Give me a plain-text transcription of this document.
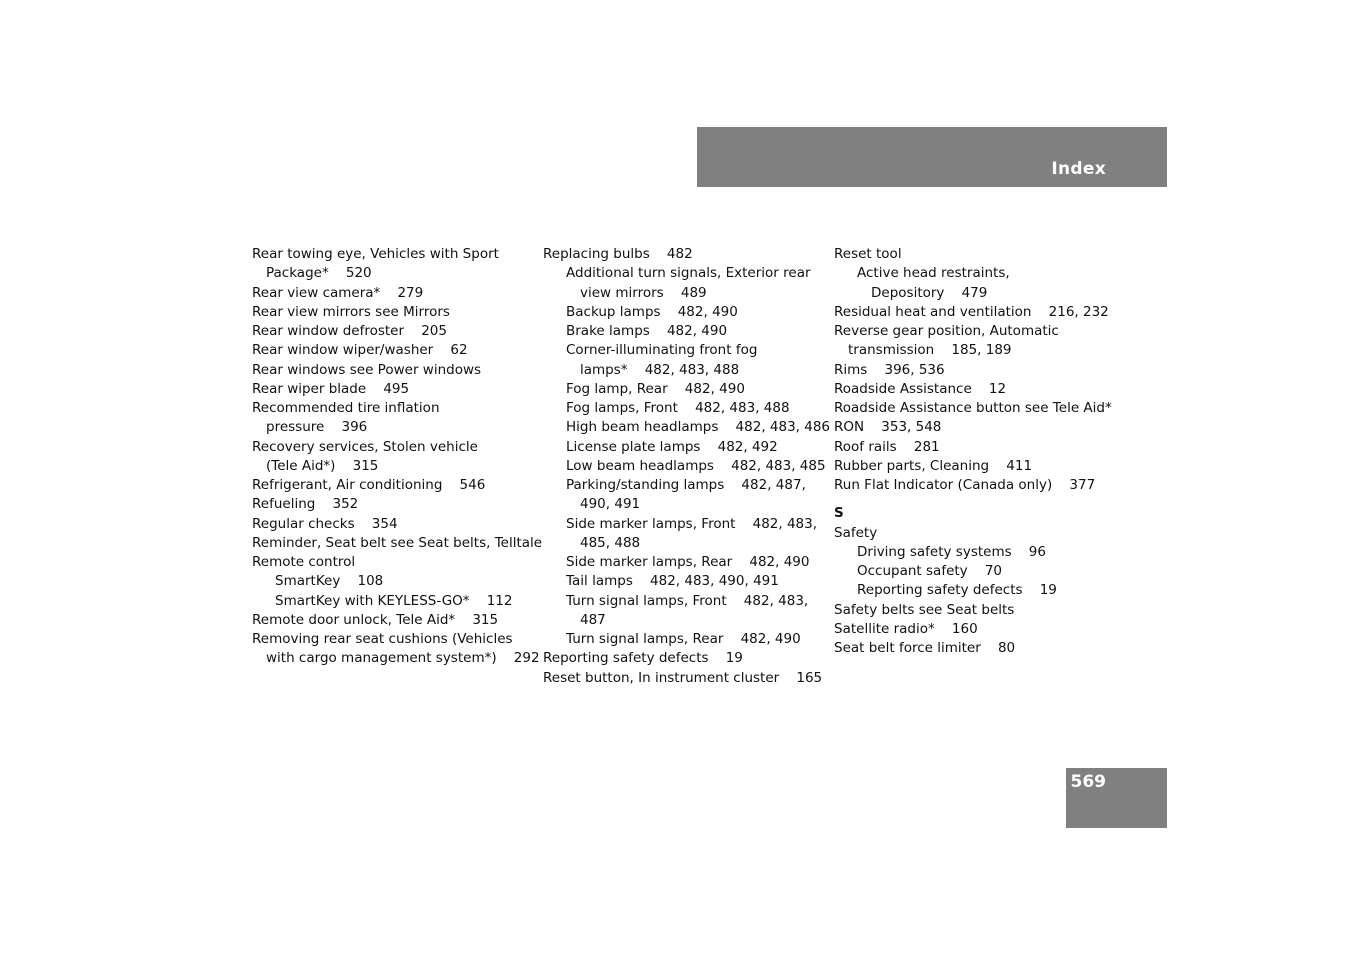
Index
Rear towing eye, Vehicles with Sport
Package*    520
Rear view camera*    279
Rear view mirrors see Mirrors
Rear window defroster    205
Rear window wiper/washer    62
Rear windows see Power windows
Rear wiper blade    495
Recommended tire inflation
pressure    396
Recovery services, Stolen vehicle
(Tele Aid*)    315
Refrigerant, Air conditioning    546
Refueling    352
Regular checks    354
Reminder, Seat belt see Seat belts, Telltale
Remote control
SmartKey    108
SmartKey with KEYLESS-GO*    112
Remote door unlock, Tele Aid*    315
Removing rear seat cushions (Vehicles
with cargo management system*)    292
Replacing bulbs    482
Additional turn signals, Exterior rear
view mirrors    489
Backup lamps    482, 490
Brake lamps    482, 490
Corner-illuminating front fog
lamps*    482, 483, 488
Fog lamp, Rear    482, 490
Fog lamps, Front    482, 483, 488
High beam headlamps    482, 483, 486
License plate lamps    482, 492
Low beam headlamps    482, 483, 485
Parking/standing lamps    482, 487,
490, 491
Side marker lamps, Front    482, 483,
485, 488
Side marker lamps, Rear    482, 490
Tail lamps    482, 483, 490, 491
Turn signal lamps, Front    482, 483,
487
Turn signal lamps, Rear    482, 490
Reporting safety defects    19
Reset button, In instrument cluster    165
Reset tool
Active head restraints,
Depository    479
Residual heat and ventilation    216, 232
Reverse gear position, Automatic
transmission    185, 189
Rims    396, 536
Roadside Assistance    12
Roadside Assistance button see Tele Aid*
RON    353, 548
Roof rails    281
Rubber parts, Cleaning    411
Run Flat Indicator (Canada only)    377
S
Safety
Driving safety systems    96
Occupant safety    70
Reporting safety defects    19
Safety belts see Seat belts
Satellite radio*    160
Seat belt force limiter    80
569
